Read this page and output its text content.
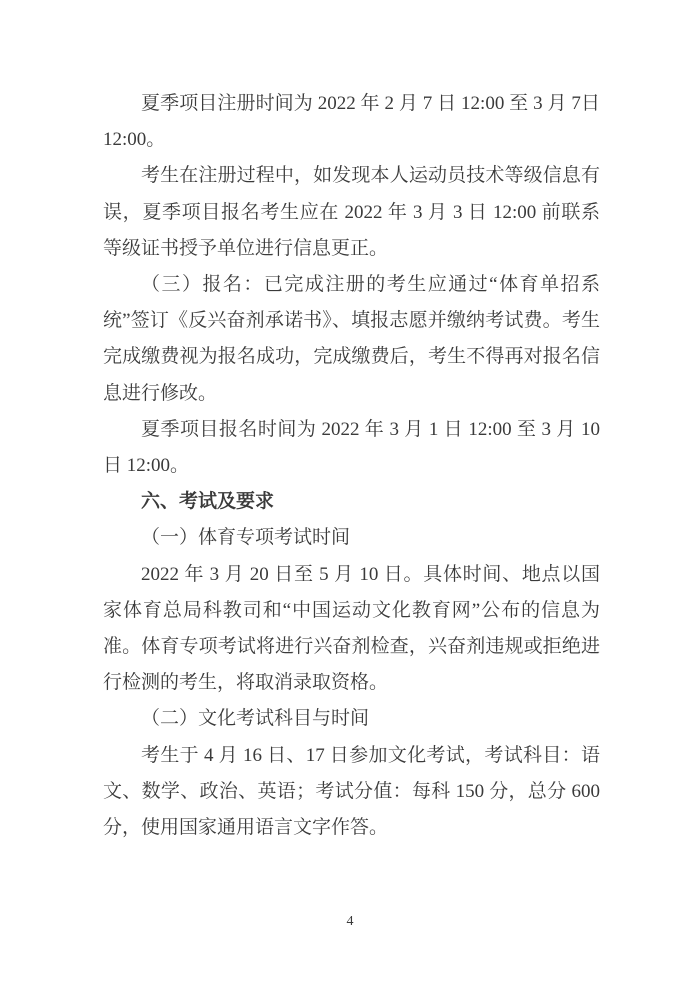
夏季项目注册时间为 2022 年 2 月 7 日 12:00 至 3 月 7日 12:00。

考生在注册过程中，如发现本人运动员技术等级信息有误，夏季项目报名考生应在 2022 年 3 月 3 日 12:00 前联系等级证书授予单位进行信息更正。

（三）报名：已完成注册的考生应通过“体育单招系统”签订《反兴奋剂承诺书》、填报志愿并缴纳考试费。考生完成缴费视为报名成功，完成缴费后，考生不得再对报名信息进行修改。

夏季项目报名时间为 2022 年 3 月 1 日 12:00 至 3 月 10日 12:00。

六、考试及要求

（一）体育专项考试时间

2022 年 3 月 20 日至 5 月 10 日。具体时间、地点以国家体育总局科教司和“中国运动文化教育网”公布的信息为准。体育专项考试将进行兴奋剂检查，兴奋剂违规或拒绝进行检测的考生，将取消录取资格。

（二）文化考试科目与时间

考生于 4 月 16 日、17 日参加文化考试，考试科目：语文、数学、政治、英语；考试分值：每科 150 分，总分 600 分，使用国家通用语言文字作答。

4
